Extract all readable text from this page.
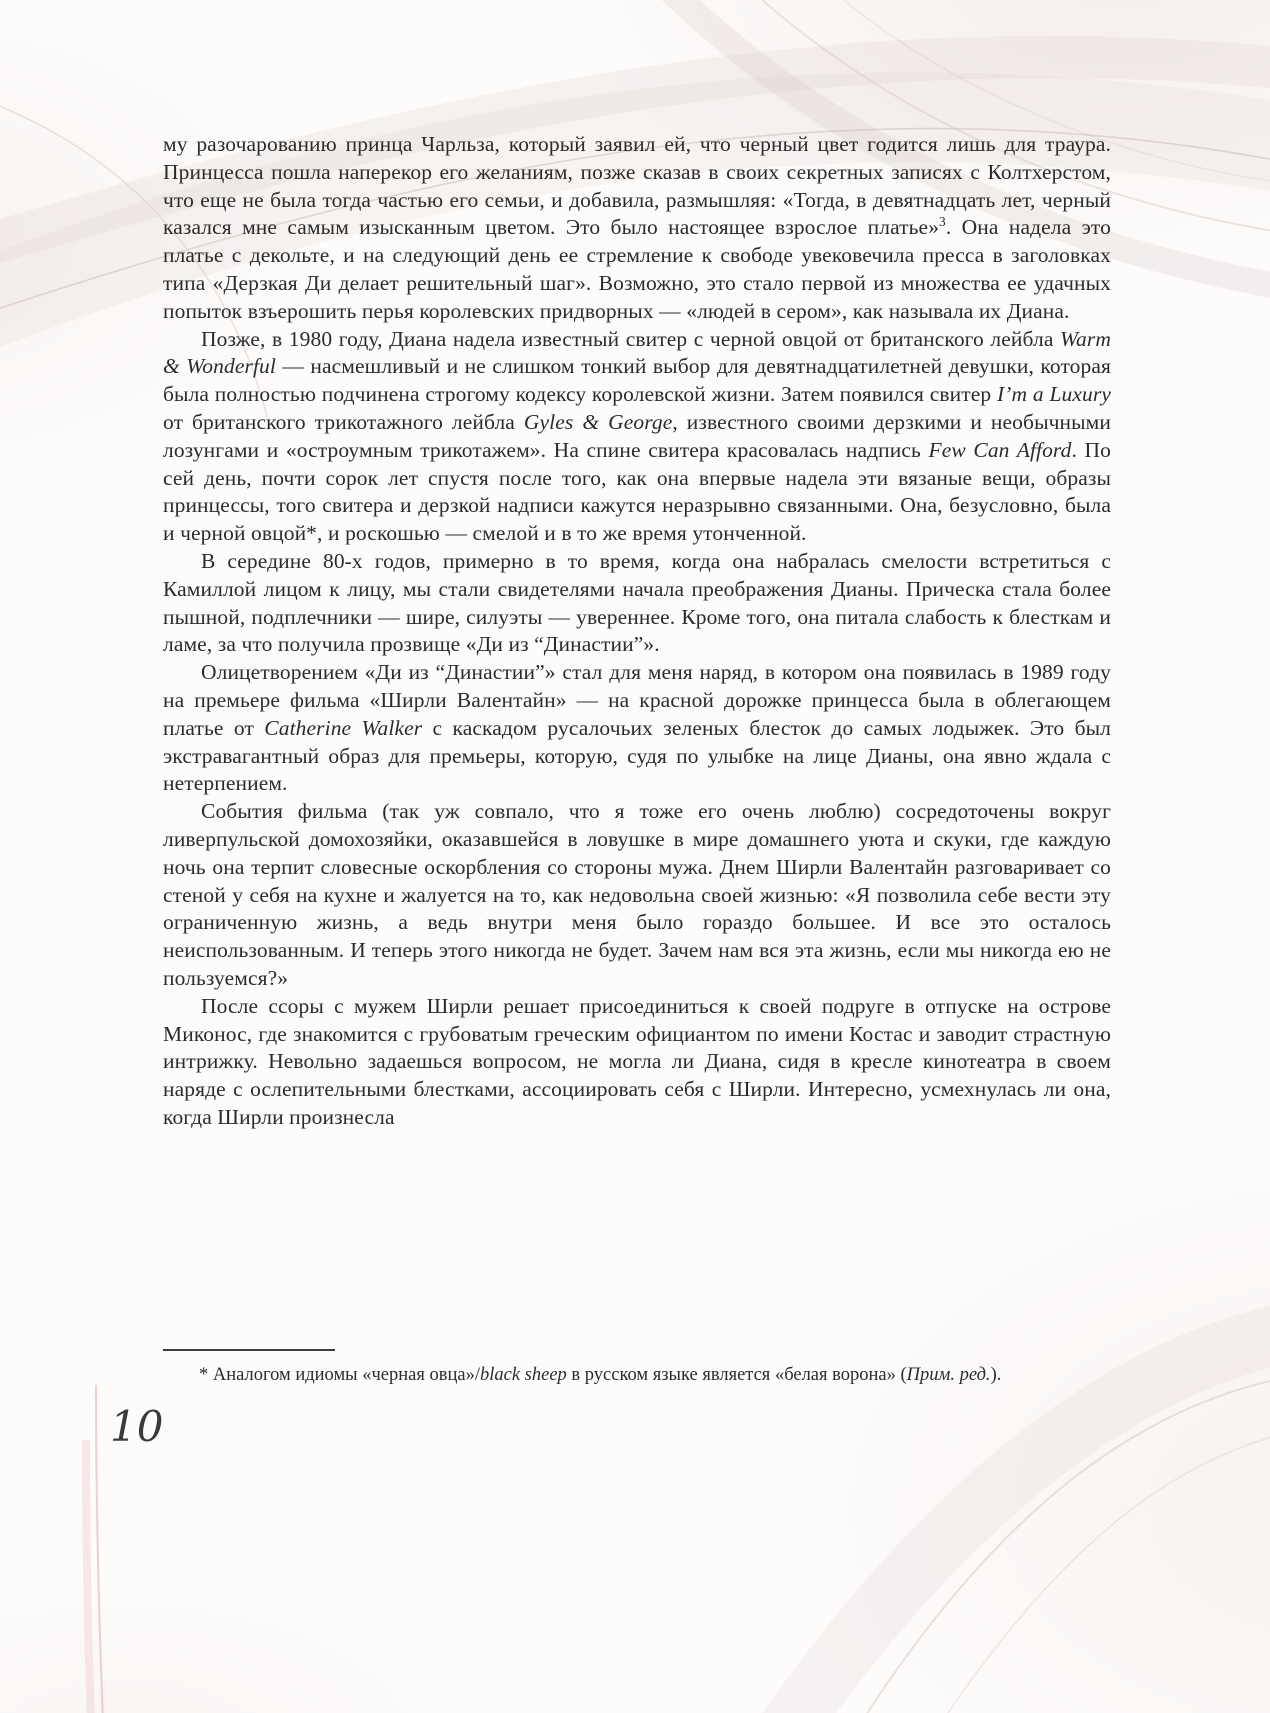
му разочарованию принца Чарльза, который заявил ей, что черный цвет годится лишь для траура. Принцесса пошла наперекор его желаниям, позже сказав в своих секретных записях с Колтхерстом, что еще не была тогда частью его семьи, и добавила, размышляя: «Тогда, в девятнадцать лет, черный казался мне самым изысканным цветом. Это было настоящее взрослое платье»$^3$. Она надела это платье с декольте, и на следующий день ее стремление к свободе увековечила пресса в заголовках типа «Дерзкая Ди делает решительный шаг». Возможно, это стало первой из множества ее удачных попыток взъерошить перья королевских придворных — «людей в сером», как называла их Диана.

Позже, в 1980 году, Диана надела известный свитер с черной овцой от британского лейбла Warm & Wonderful — насмешливый и не слишком тонкий выбор для девятнадцатилетней девушки, которая была полностью подчинена строгому кодексу королевской жизни. Затем появился свитер I’m a Luxury от британского трикотажного лейбла Gyles & George, известного своими дерзкими и необычными лозунгами и «остроумным трикотажем». На спине свитера красовалась надпись Few Can Afford. По сей день, почти сорок лет спустя после того, как она впервые надела эти вязаные вещи, образы принцессы, того свитера и дерзкой надписи кажутся неразрывно связанными. Она, безусловно, была и черной овцой*, и роскошью — смелой и в то же время утонченной.

В середине 80-х годов, примерно в то время, когда она набралась смелости встретиться с Камиллой лицом к лицу, мы стали свидетелями начала преображения Дианы. Прическа стала более пышной, подплечники — шире, силуэты — увереннее. Кроме того, она питала слабость к блесткам и ламе, за что получила прозвище «Ди из “Династии”».

Олицетворением «Ди из “Династии”» стал для меня наряд, в котором она появилась в 1989 году на премьере фильма «Ширли Валентайн» — на красной дорожке принцесса была в облегающем платье от Catherine Walker с каскадом русалочьих зеленых блесток до самых лодыжек. Это был экстравагантный образ для премьеры, которую, судя по улыбке на лице Дианы, она явно ждала с нетерпением.

События фильма (так уж совпало, что я тоже его очень люблю) сосредоточены вокруг ливерпульской домохозяйки, оказавшейся в ловушке в мире домашнего уюта и скуки, где каждую ночь она терпит словесные оскорбления со стороны мужа. Днем Ширли Валентайн разговаривает со стеной у себя на кухне и жалуется на то, как недовольна своей жизнью: «Я позволила себе вести эту ограниченную жизнь, а ведь внутри меня было гораздо большее. И все это осталось неиспользованным. И теперь этого никогда не будет. Зачем нам вся эта жизнь, если мы никогда ею не пользуемся?»

После ссоры с мужем Ширли решает присоединиться к своей подруге в отпуске на острове Миконос, где знакомится с грубоватым греческим официантом по имени Костас и заводит страстную интрижку. Невольно задаешься вопросом, не могла ли Диана, сидя в кресле кинотеатра в своем наряде с ослепительными блестками, ассоциировать себя с Ширли. Интересно, усмехнулась ли она, когда Ширли произнесла

* Аналогом идиомы «черная овца»/black sheep в русском языке является «белая ворона» (Прим. ред.).

10
